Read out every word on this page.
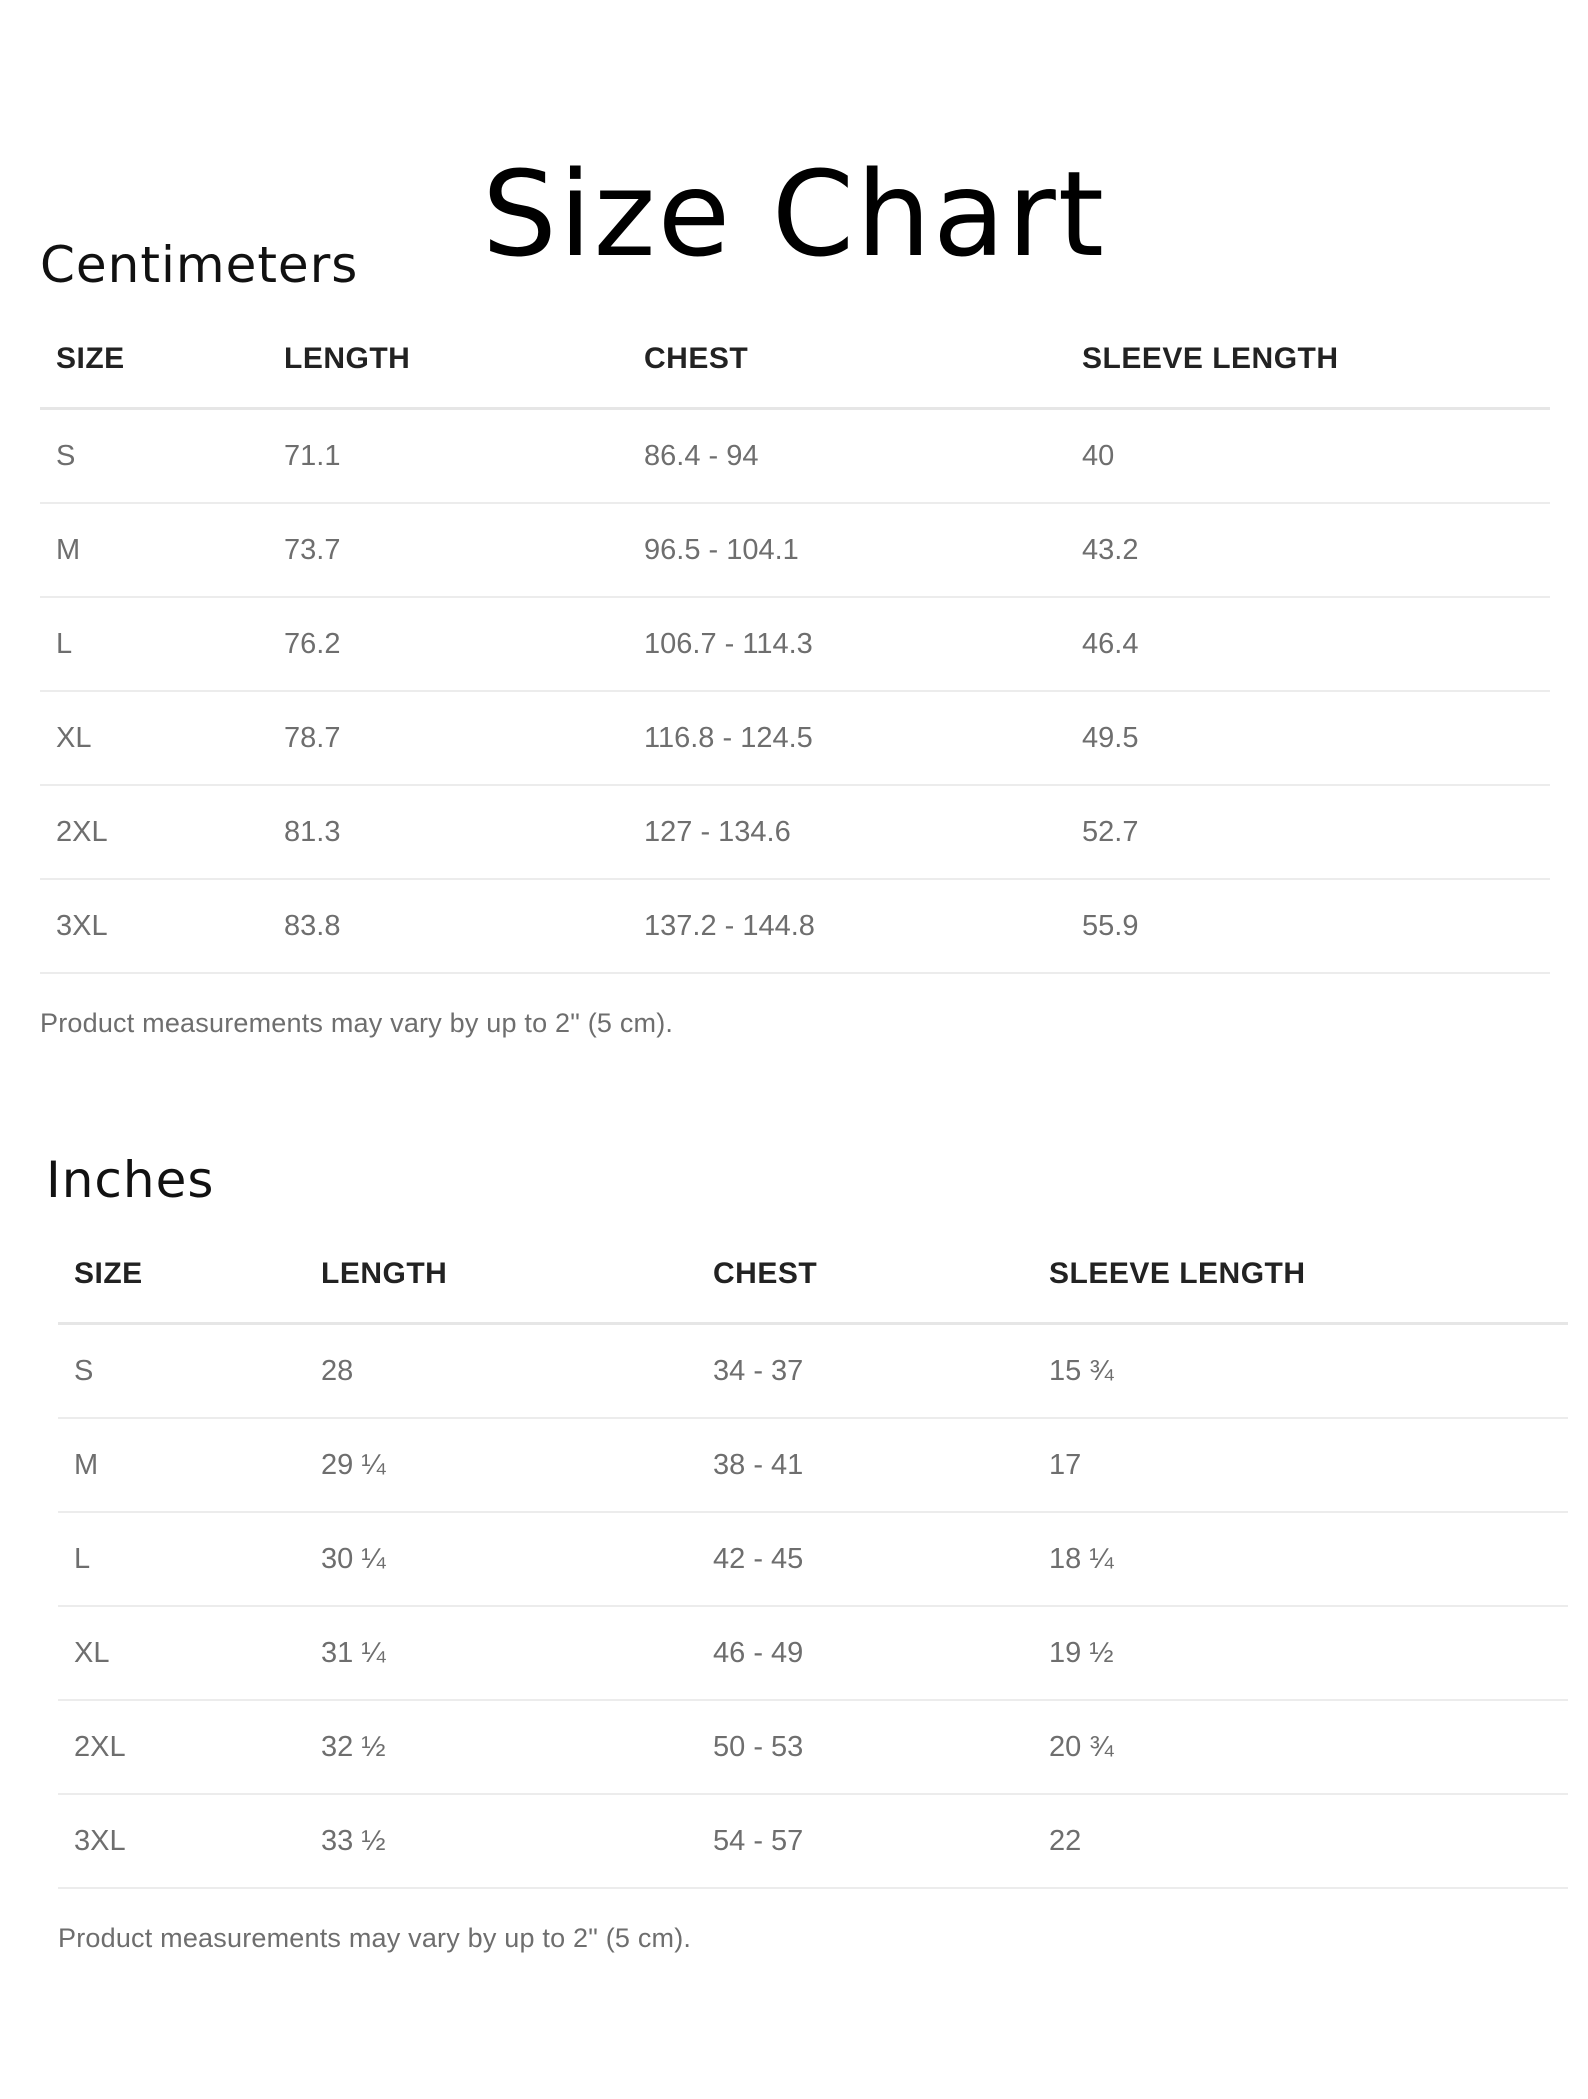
Size Chart
Centimeters
SIZE	LENGTH	CHEST	SLEEVE LENGTH
S	71.1	86.4 - 94	40
M	73.7	96.5 - 104.1	43.2
L	76.2	106.7 - 114.3	46.4
XL	78.7	116.8 - 124.5	49.5
2XL	81.3	127 - 134.6	52.7
3XL	83.8	137.2 - 144.8	55.9
Product measurements may vary by up to 2" (5 cm).
Inches
SIZE	LENGTH	CHEST	SLEEVE LENGTH
S	28	34 - 37	15 ¾
M	29 ¼	38 - 41	17
L	30 ¼	42 - 45	18 ¼
XL	31 ¼	46 - 49	19 ½
2XL	32 ½	50 - 53	20 ¾
3XL	33 ½	54 - 57	22
Product measurements may vary by up to 2" (5 cm).
